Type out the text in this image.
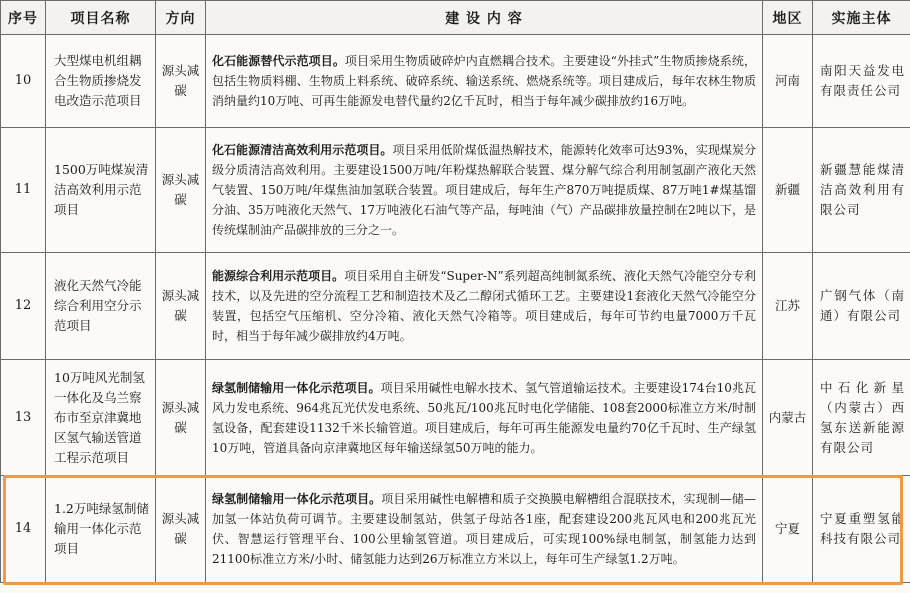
序号	项目名称	方向	建 设 内 容	地区	实施主体
10	大型煤电机组耦合生物质掺烧发电改造示范项目	源头减碳	化石能源替代示范项目。项目采用生物质破碎炉内直燃耦合技术。主要建设“外挂式”生物质掺烧系统，包括生物质料棚、生物质上料系统、破碎系统、输送系统、燃烧系统等。项目建成后，每年农林生物质消纳量约10万吨、可再生能源发电替代量约2亿千瓦时，相当于每年减少碳排放约16万吨。	河南	南阳天益发电有限责任公司
11	1500万吨煤炭清洁高效利用示范项目	源头减碳	化石能源清洁高效利用示范项目。项目采用低阶煤低温热解技术，能源转化效率可达93%，实现煤炭分级分质清洁高效利用。主要建设1500万吨/年粉煤热解联合装置、煤分解气综合利用制氢副产液化天然气装置、150万吨/年煤焦油加氢联合装置。项目建成后，每年生产870万吨提质煤、87万吨1#煤基馏分油、35万吨液化天然气、17万吨液化石油气等产品，每吨油（气）产品碳排放量控制在2吨以下，是传统煤制油产品碳排放的三分之一。	新疆	新疆慧能煤清洁高效利用有限公司
12	液化天然气冷能综合利用空分示范项目	源头减碳	能源综合利用示范项目。项目采用自主研发“Super-N”系列超高纯制氮系统、液化天然气冷能空分专利技术，以及先进的空分流程工艺和制造技术及乙二醇闭式循环工艺。主要建设1套液化天然气冷能空分装置，包括空气压缩机、空分冷箱、液化天然气冷箱等。项目建成后，每年可节约电量7000万千瓦时，相当于每年减少碳排放约4万吨。	江苏	广钢气体（南通）有限公司
13	10万吨风光制氢一体化及乌兰察布市至京津冀地区氢气输送管道工程示范项目	源头减碳	绿氢制储输用一体化示范项目。项目采用碱性电解水技术、氢气管道输运技术。主要建设174台10兆瓦风力发电系统、964兆瓦光伏发电系统、50兆瓦/100兆瓦时电化学储能、108套2000标准立方米/时制氢设备，配套建设1132千米长输管道。项目建成后，每年可再生能源发电量约70亿千瓦时、生产绿氢10万吨，管道具备向京津冀地区每年输送绿氢50万吨的能力。	内蒙古	中石化新星（内蒙古）西氢东送新能源有限公司
14	1.2万吨绿氢制储输用一体化示范项目	源头减碳	绿氢制储输用一体化示范项目。项目采用碱性电解槽和质子交换膜电解槽组合混联技术，实现制—储—加氢一体站负荷可调节。主要建设制氢站，供氢子母站各1座，配套建设200兆瓦风电和200兆瓦光伏、智慧运行管理平台、100公里输氢管道。项目建成后，可实现100%绿电制氢，制氢能力达到21100标准立方米/小时、储氢能力达到26万标准立方米以上，每年可生产绿氢1.2万吨。	宁夏	宁夏重塑氢能科技有限公司
